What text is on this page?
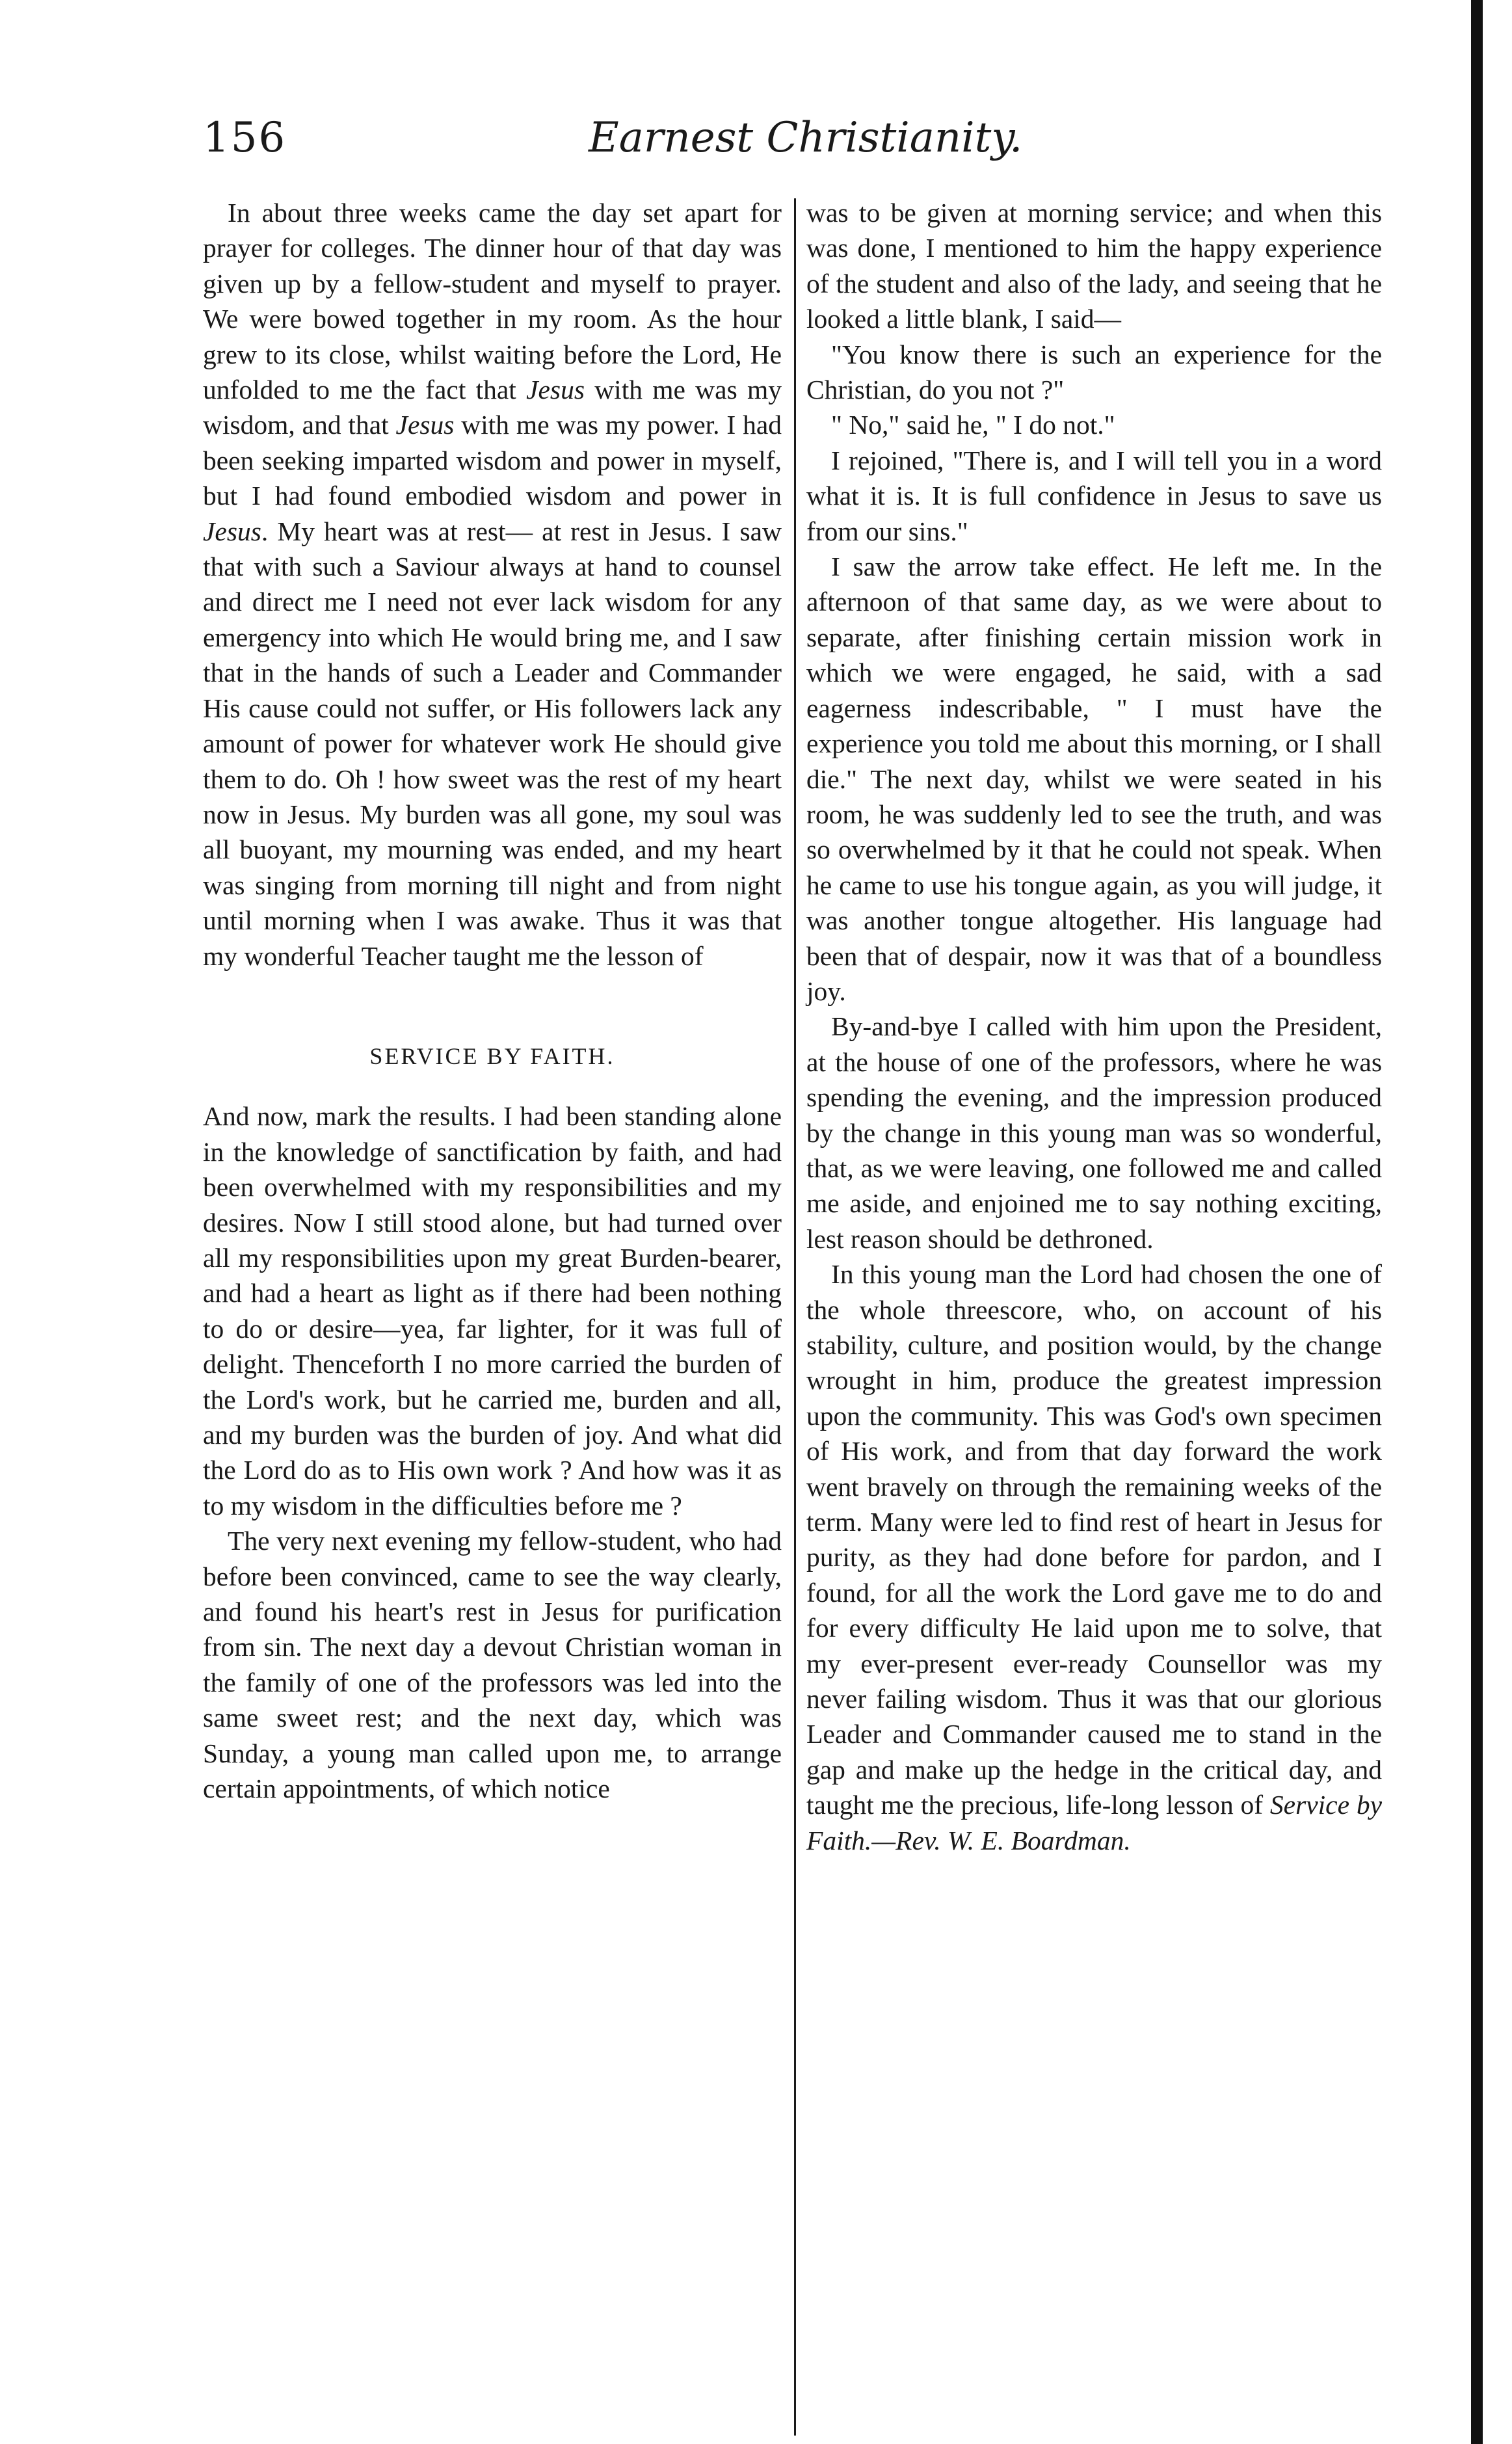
156	Earnest Christianity.

In about three weeks came the day set apart for prayer for colleges. The dinner hour of that day was given up by a fellow-student and myself to prayer. We were bowed together in my room. As the hour grew to its close, whilst waiting before the Lord, He unfolded to me the fact that Jesus with me was my wisdom, and that Jesus with me was my power. I had been seeking imparted wisdom and power in myself, but I had found embodied wisdom and power in Jesus. My heart was at rest— at rest in Jesus. I saw that with such a Saviour always at hand to counsel and direct me I need not ever lack wisdom for any emergency into which He would bring me, and I saw that in the hands of such a Leader and Commander His cause could not suffer, or His followers lack any amount of power for whatever work He should give them to do. Oh ! how sweet was the rest of my heart now in Jesus. My burden was all gone, my soul was all buoyant, my mourning was ended, and my heart was singing from morning till night and from night until morning when I was awake. Thus it was that my wonderful Teacher taught me the lesson of

SERVICE BY FAITH.

And now, mark the results. I had been standing alone in the knowledge of sanctification by faith, and had been overwhelmed with my responsibilities and my desires. Now I still stood alone, but had turned over all my responsibilities upon my great Burden-bearer, and had a heart as light as if there had been nothing to do or desire—yea, far lighter, for it was full of delight. Thenceforth I no more carried the burden of the Lord's work, but he carried me, burden and all, and my burden was the burden of joy. And what did the Lord do as to His own work ? And how was it as to my wisdom in the difficulties before me ?

The very next evening my fellow-student, who had before been convinced, came to see the way clearly, and found his heart's rest in Jesus for purification from sin. The next day a devout Christian woman in the family of one of the professors was led into the same sweet rest; and the next day, which was Sunday, a young man called upon me, to arrange certain appointments, of which notice

was to be given at morning service; and when this was done, I mentioned to him the happy experience of the student and also of the lady, and seeing that he looked a little blank, I said—

"You know there is such an experience for the Christian, do you not ?"

" No," said he, " I do not."

I rejoined, "There is, and I will tell you in a word what it is. It is full confidence in Jesus to save us from our sins."

I saw the arrow take effect. He left me. In the afternoon of that same day, as we were about to separate, after finishing certain mission work in which we were engaged, he said, with a sad eagerness indescribable, " I must have the experience you told me about this morning, or I shall die." The next day, whilst we were seated in his room, he was suddenly led to see the truth, and was so overwhelmed by it that he could not speak. When he came to use his tongue again, as you will judge, it was another tongue altogether. His language had been that of despair, now it was that of a boundless joy.

By-and-bye I called with him upon the President, at the house of one of the professors, where he was spending the evening, and the impression produced by the change in this young man was so wonderful, that, as we were leaving, one followed me and called me aside, and enjoined me to say nothing exciting, lest reason should be dethroned.

In this young man the Lord had chosen the one of the whole threescore, who, on account of his stability, culture, and position would, by the change wrought in him, produce the greatest impression upon the community. This was God's own specimen of His work, and from that day forward the work went bravely on through the remaining weeks of the term. Many were led to find rest of heart in Jesus for purity, as they had done before for pardon, and I found, for all the work the Lord gave me to do and for every difficulty He laid upon me to solve, that my ever-present ever-ready Counsellor was my never failing wisdom. Thus it was that our glorious Leader and Commander caused me to stand in the gap and make up the hedge in the critical day, and taught me the precious, life-long lesson of Service by Faith.—Rev. W. E. Boardman.
